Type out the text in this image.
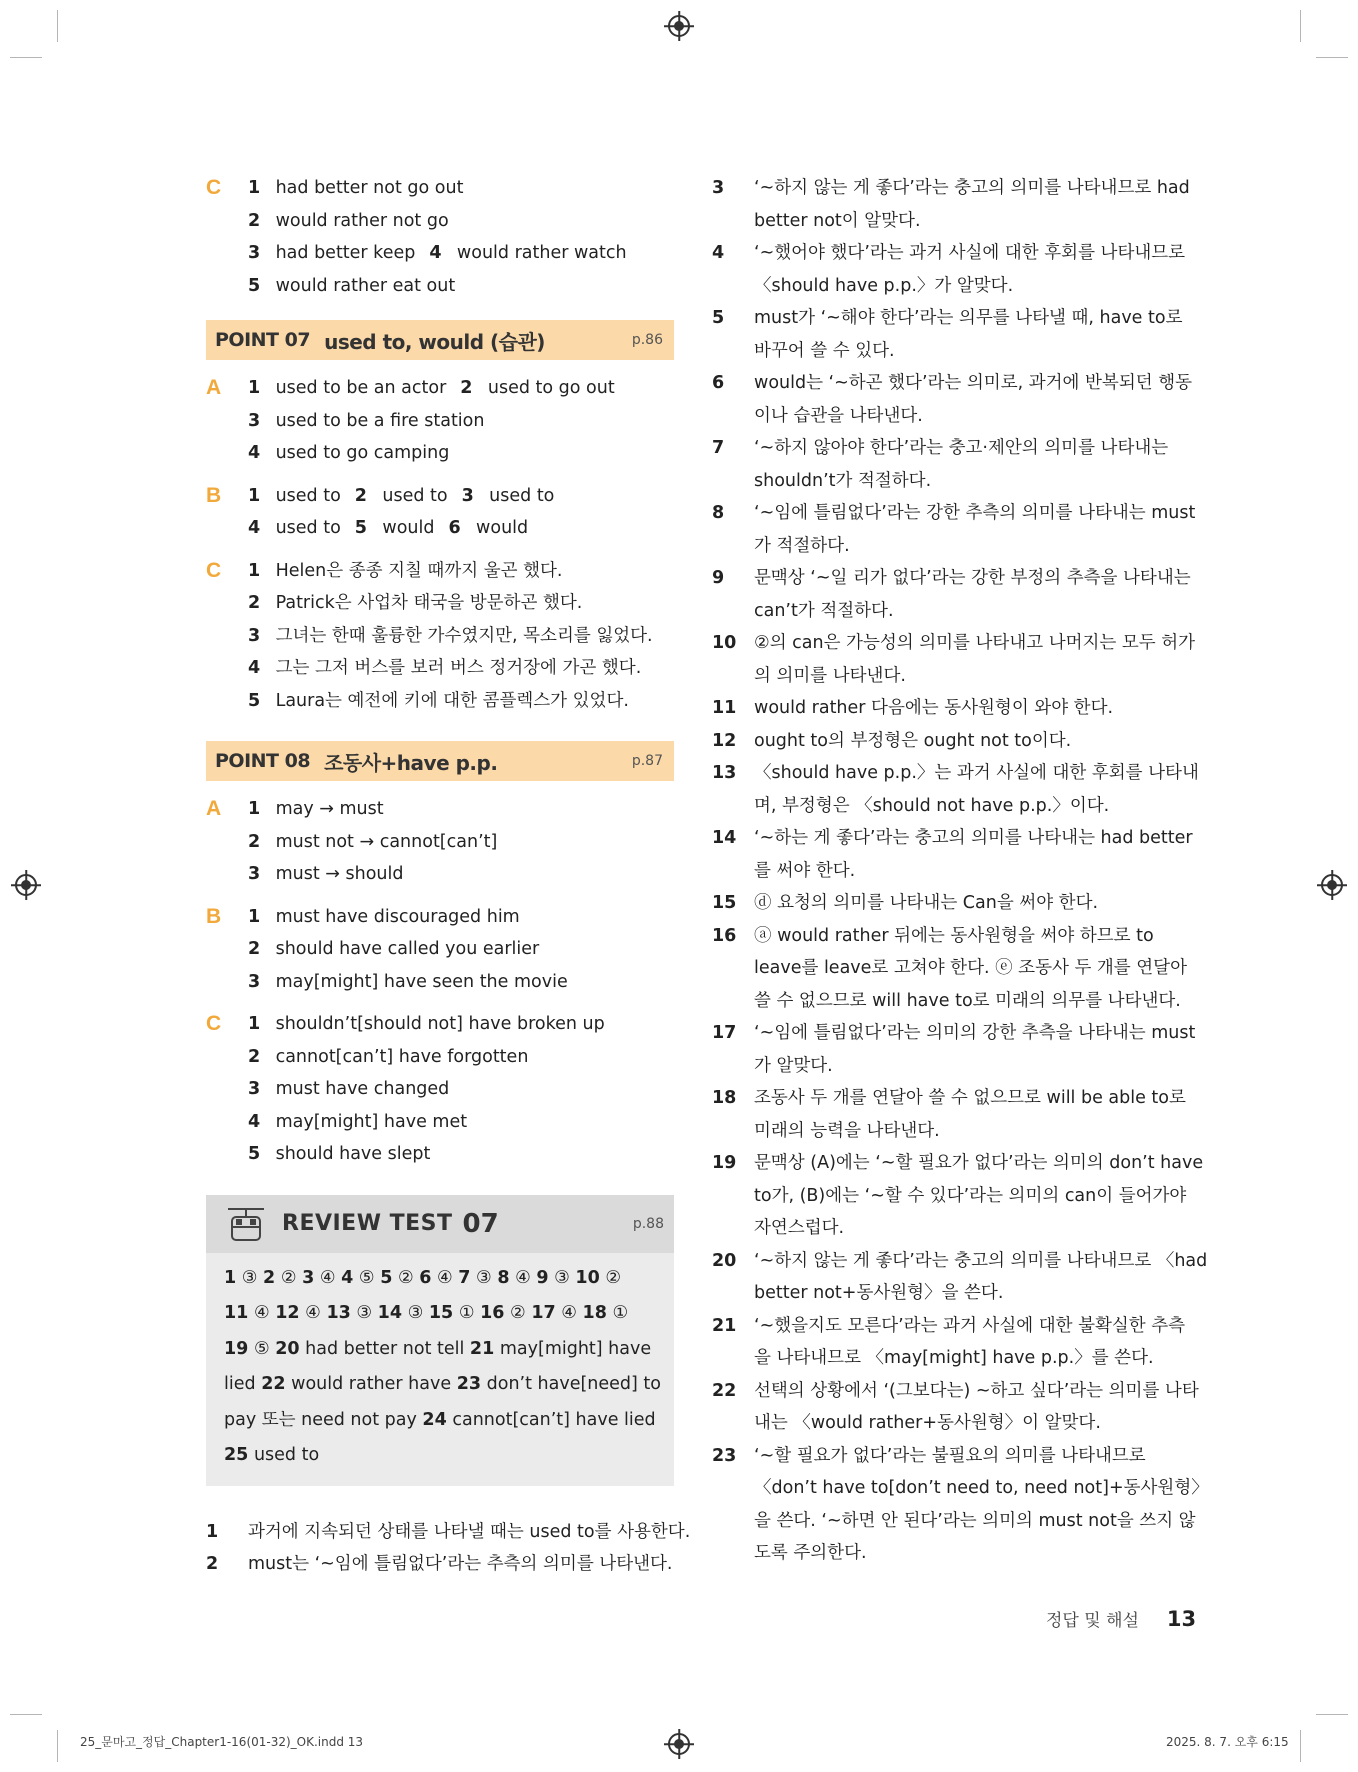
C	1 had better not go out
2 would rather not go
3 had better keep 4 would rather watch
5 would rather eat out
POINT 07 used to, would (습관)	p.86
A	1 used to be an actor 2 used to go out
3 used to be a fire station
4 used to go camping
B	1 used to 2 used to 3 used to
4 used to 5 would 6 would
C	1 Helen은 종종 지칠 때까지 울곤 했다.
2 Patrick은 사업차 태국을 방문하곤 했다.
3 그녀는 한때 훌륭한 가수였지만, 목소리를 잃었다.
4 그는 그저 버스를 보러 버스 정거장에 가곤 했다.
5 Laura는 예전에 키에 대한 콤플렉스가 있었다.
POINT 08 조동사+have p.p.	p.87
A	1 may → must
2 must not → cannot[can’t]
3 must → should
B	1 must have discouraged him
2 should have called you earlier
3 may[might] have seen the movie
C	1 shouldn’t[should not] have broken up
2 cannot[can’t] have forgotten
3 must have changed
4 may[might] have met
5 should have slept
REVIEW TEST 07	p.88
1 ③ 2 ② 3 ④ 4 ⑤ 5 ② 6 ④ 7 ③ 8 ④ 9 ③ 10 ②
11 ④ 12 ④ 13 ③ 14 ③ 15 ① 16 ② 17 ④ 18 ①
19 ⑤ 20 had better not tell 21 may[might] have
lied 22 would rather have 23 don’t have[need] to
pay 또는 need not pay 24 cannot[can’t] have lied
25 used to
1	과거에 지속되던 상태를 나타낼 때는 used to를 사용한다.
2	must는 ‘~임에 틀림없다’라는 추측의 의미를 나타낸다.
3	‘~하지 않는 게 좋다’라는 충고의 의미를 나타내므로 had
better not이 알맞다.
4	‘~했어야 했다’라는 과거 사실에 대한 후회를 나타내므로
〈should have p.p.〉가 알맞다.
5	must가 ‘~해야 한다’라는 의무를 나타낼 때, have to로
바꾸어 쓸 수 있다.
6	would는 ‘~하곤 했다’라는 의미로, 과거에 반복되던 행동
이나 습관을 나타낸다.
7	‘~하지 않아야 한다’라는 충고·제안의 의미를 나타내는
shouldn’t가 적절하다.
8	‘~임에 틀림없다’라는 강한 추측의 의미를 나타내는 must
가 적절하다.
9	문맥상 ‘~일 리가 없다’라는 강한 부정의 추측을 나타내는
can’t가 적절하다.
10	②의 can은 가능성의 의미를 나타내고 나머지는 모두 허가
의 의미를 나타낸다.
11	would rather 다음에는 동사원형이 와야 한다.
12	ought to의 부정형은 ought not to이다.
13	〈should have p.p.〉는 과거 사실에 대한 후회를 나타내
며, 부정형은 〈should not have p.p.〉이다.
14	‘~하는 게 좋다’라는 충고의 의미를 나타내는 had better
를 써야 한다.
15	ⓓ 요청의 의미를 나타내는 Can을 써야 한다.
16	ⓐ would rather 뒤에는 동사원형을 써야 하므로 to
leave를 leave로 고쳐야 한다. ⓔ 조동사 두 개를 연달아
쓸 수 없으므로 will have to로 미래의 의무를 나타낸다.
17	‘~임에 틀림없다’라는 의미의 강한 추측을 나타내는 must
가 알맞다.
18	조동사 두 개를 연달아 쓸 수 없으므로 will be able to로
미래의 능력을 나타낸다.
19	문맥상 (A)에는 ‘~할 필요가 없다’라는 의미의 don’t have
to가, (B)에는 ‘~할 수 있다’라는 의미의 can이 들어가야
자연스럽다.
20	‘~하지 않는 게 좋다’라는 충고의 의미를 나타내므로 〈had
better not+동사원형〉을 쓴다.
21	‘~했을지도 모른다’라는 과거 사실에 대한 불확실한 추측
을 나타내므로 〈may[might] have p.p.〉를 쓴다.
22	선택의 상황에서 ‘(그보다는) ~하고 싶다’라는 의미를 나타
내는 〈would rather+동사원형〉이 알맞다.
23	‘~할 필요가 없다’라는 불필요의 의미를 나타내므로
〈don’t have to[don’t need to, need not]+동사원형〉
을 쓴다. ‘~하면 안 된다’라는 의미의 must not을 쓰지 않
도록 주의한다.
정답 및 해설 13
25_문마고_정답_Chapter1-16(01-32)_OK.indd 13	2025. 8. 7. 오후 6:15
